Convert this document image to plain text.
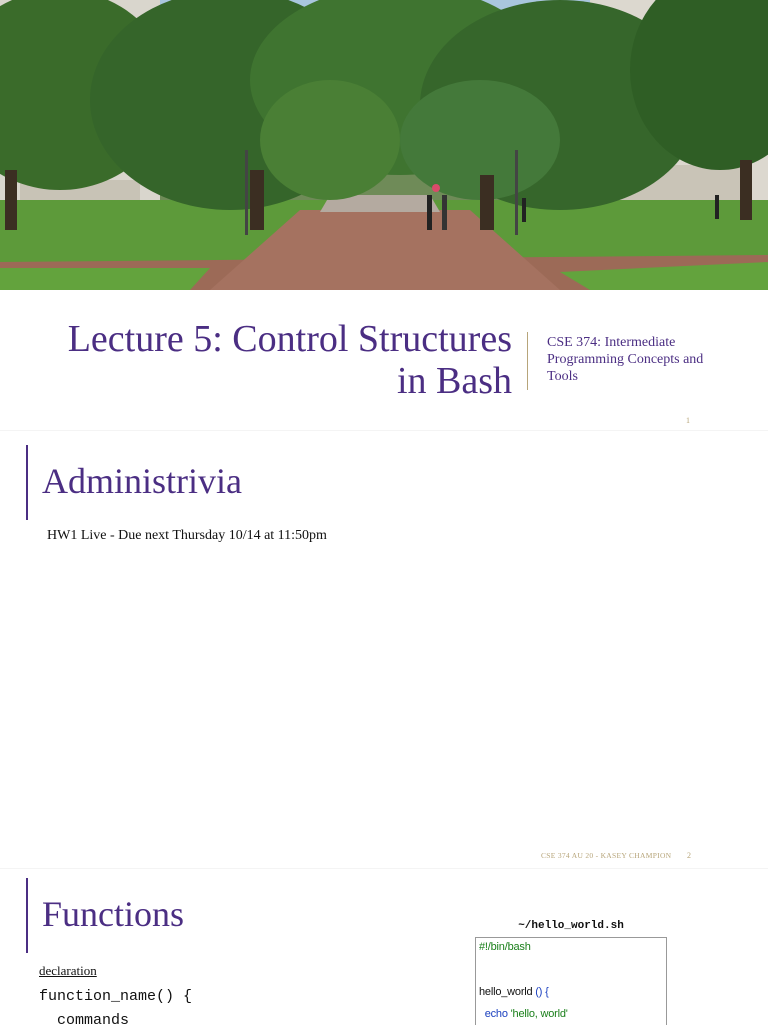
Lecture 5: Control Structures
in Bash
CSE 374: Intermediate
Programming Concepts and
Tools
1
Administrivia
HW1 Live - Due next Thursday 10/14 at 11:50pm
CSE 374 AU 20 - KASEY CHAMPION 2
Functions
declaration
function_name() {
commands
~/hello_world.sh
#!/bin/bash
hello_world () {
echo 'hello, world'
